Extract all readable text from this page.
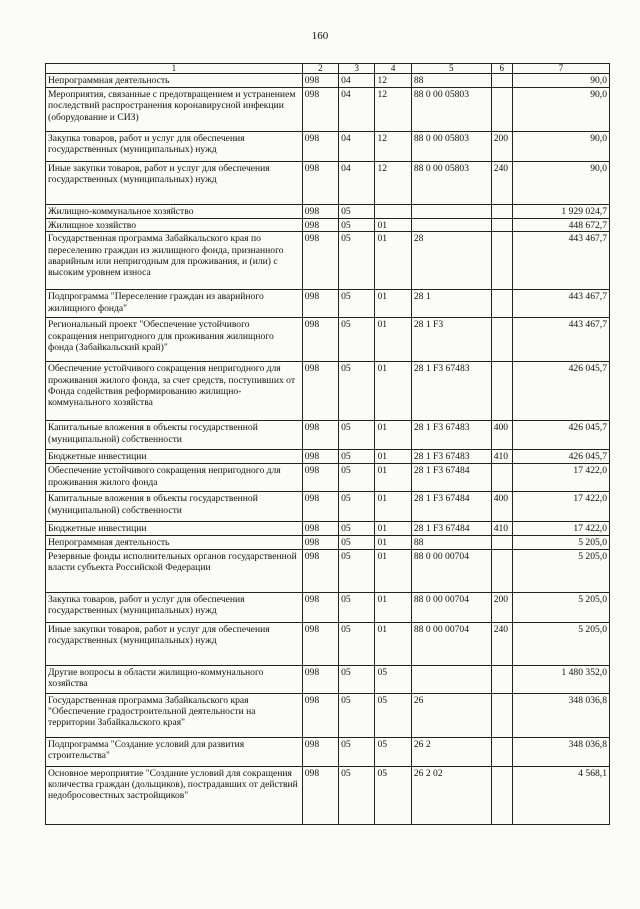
160
1	2	3	4	5	6	7
Непрограммная деятельность	098	04	12	88		90,0
Мероприятия, связанные с предотвращением и устранением последствий распространения коронавирусной инфекции (оборудование и СИЗ)	098	04	12	88 0 00 05803		90,0
Закупка товаров, работ и услуг для обеспечения государственных (муниципальных) нужд	098	04	12	88 0 00 05803	200	90,0
Иные закупки товаров, работ и услуг для обеспечения государственных (муниципальных) нужд	098	04	12	88 0 00 05803	240	90,0
Жилищно-коммунальное хозяйство	098	05				1 929 024,7
Жилищное хозяйство	098	05	01			448 672,7
Государственная программа Забайкальского края по переселению граждан из жилищного фонда, признанного аварийным или непригодным для проживания, и (или) с высоким уровнем износа	098	05	01	28		443 467,7
Подпрограмма "Переселение граждан из аварийного жилищного фонда"	098	05	01	28 1		443 467,7
Региональный проект "Обеспечение устойчивого сокращения непригодного для проживания жилищного фонда (Забайкальский край)"	098	05	01	28 1 F3		443 467,7
Обеспечение устойчивого сокращения непригодного для проживания жилого фонда, за счет средств, поступивших от Фонда содействия реформированию жилищно-коммунального хозяйства	098	05	01	28 1 F3 67483		426 045,7
Капитальные вложения в объекты государственной (муниципальной) собственности	098	05	01	28 1 F3 67483	400	426 045,7
Бюджетные инвестиции	098	05	01	28 1 F3 67483	410	426 045,7
Обеспечение устойчивого сокращения непригодного для проживания жилого фонда	098	05	01	28 1 F3 67484		17 422,0
Капитальные вложения в объекты государственной (муниципальной) собственности	098	05	01	28 1 F3 67484	400	17 422,0
Бюджетные инвестиции	098	05	01	28 1 F3 67484	410	17 422,0
Непрограммная деятельность	098	05	01	88		5 205,0
Резервные фонды исполнительных органов государственной власти субъекта Российской Федерации	098	05	01	88 0 00 00704		5 205,0
Закупка товаров, работ и услуг для обеспечения государственных (муниципальных) нужд	098	05	01	88 0 00 00704	200	5 205,0
Иные закупки товаров, работ и услуг для обеспечения государственных (муниципальных) нужд	098	05	01	88 0 00 00704	240	5 205,0
Другие вопросы в области жилищно-коммунального хозяйства	098	05	05			1 480 352,0
Государственная программа Забайкальского края "Обеспечение градостроительной деятельности на территории Забайкальского края"	098	05	05	26		348 036,8
Подпрограмма "Создание условий для развития строительства"	098	05	05	26 2		348 036,8
Основное мероприятие "Создание условий для сокращения количества граждан (дольщиков), пострадавших от действий недобросовестных застройщиков"	098	05	05	26 2 02		4 568,1
